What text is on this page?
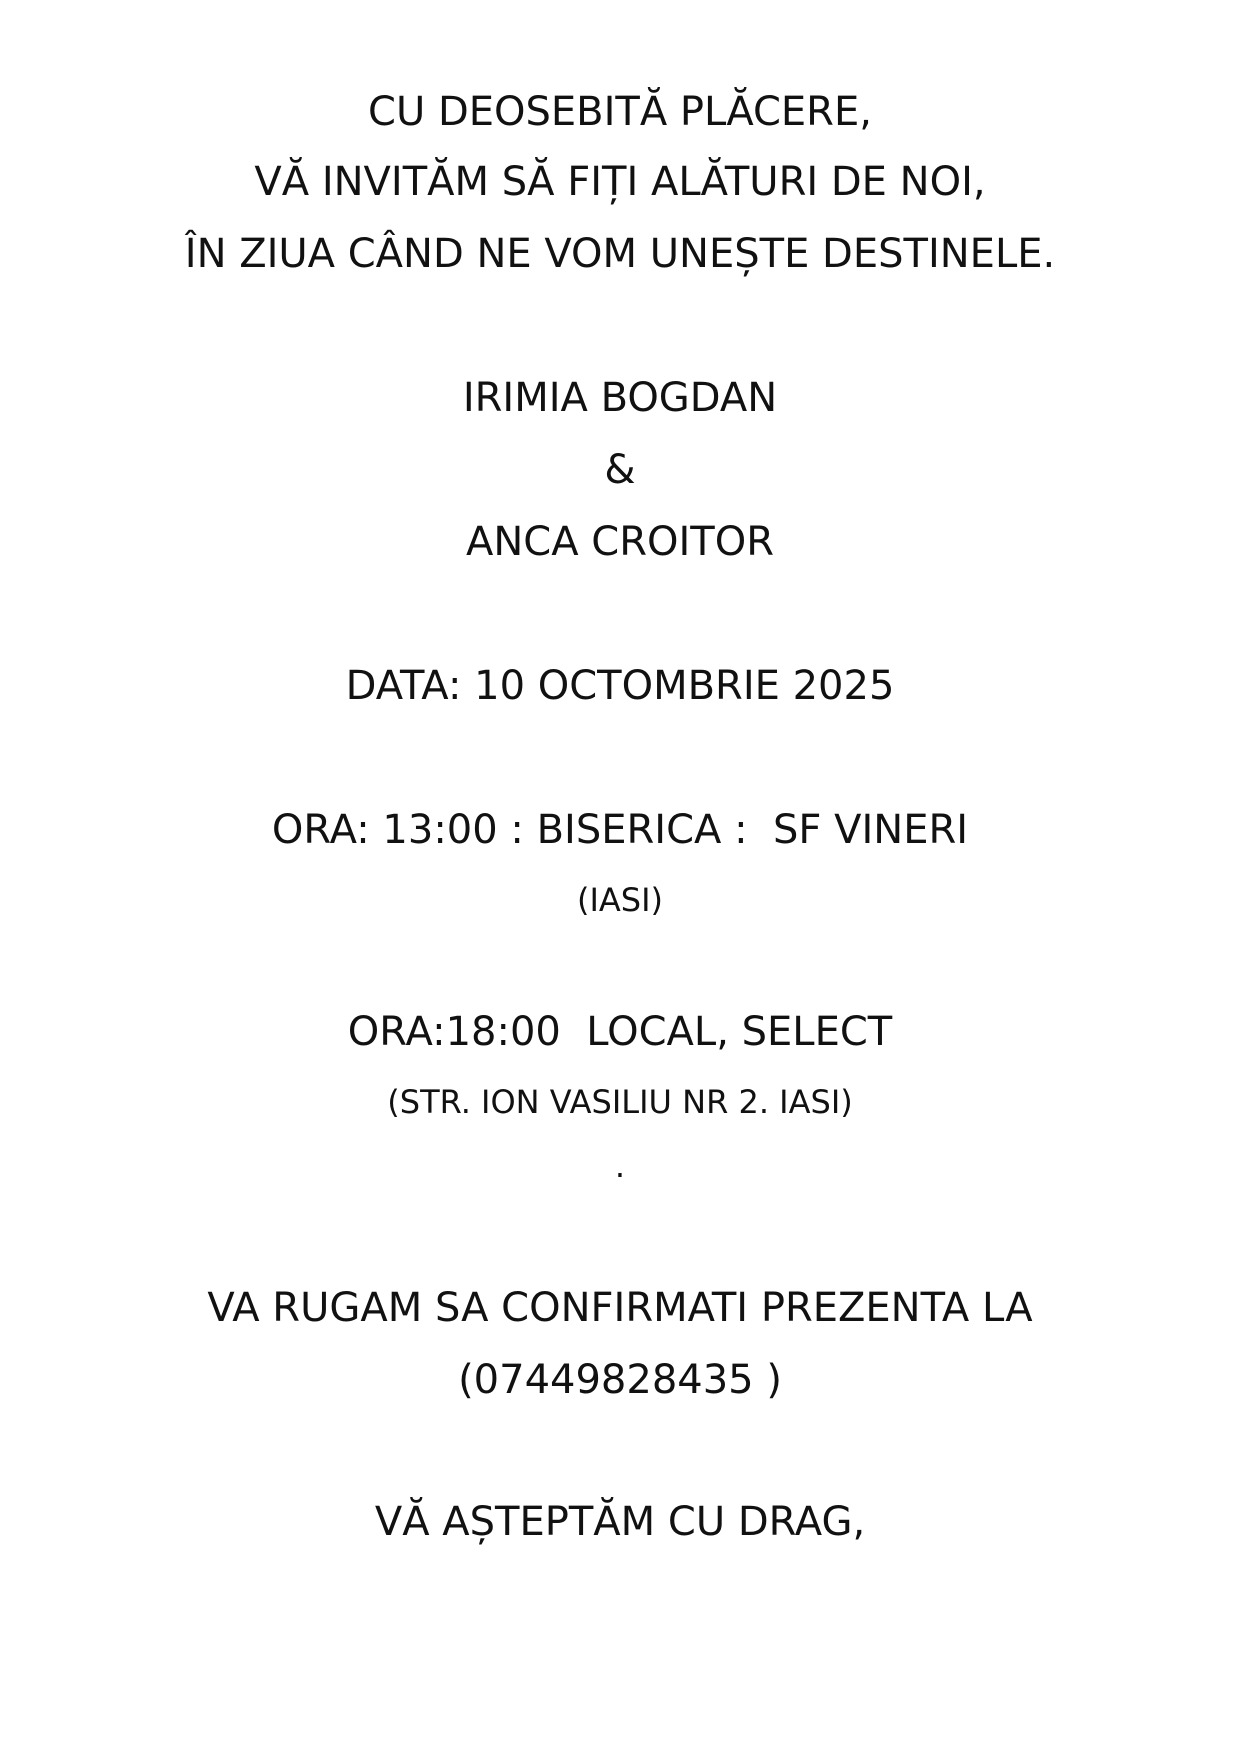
CU DEOSEBITĂ PLĂCERE,
VĂ INVITĂM SĂ FIȚI ALĂTURI DE NOI,
ÎN ZIUA CÂND NE VOM UNEȘTE DESTINELE.
IRIMIA BOGDAN
&
ANCA CROITOR
DATA: 10 OCTOMBRIE 2025
ORA: 13:00 : BISERICA :  SF VINERI
(IASI)
ORA:18:00  LOCAL, SELECT
(STR. ION VASILIU NR 2. IASI)
.
VA RUGAM SA CONFIRMATI PREZENTA LA
(07449828435 )
VĂ AȘTEPTĂM CU DRAG,
